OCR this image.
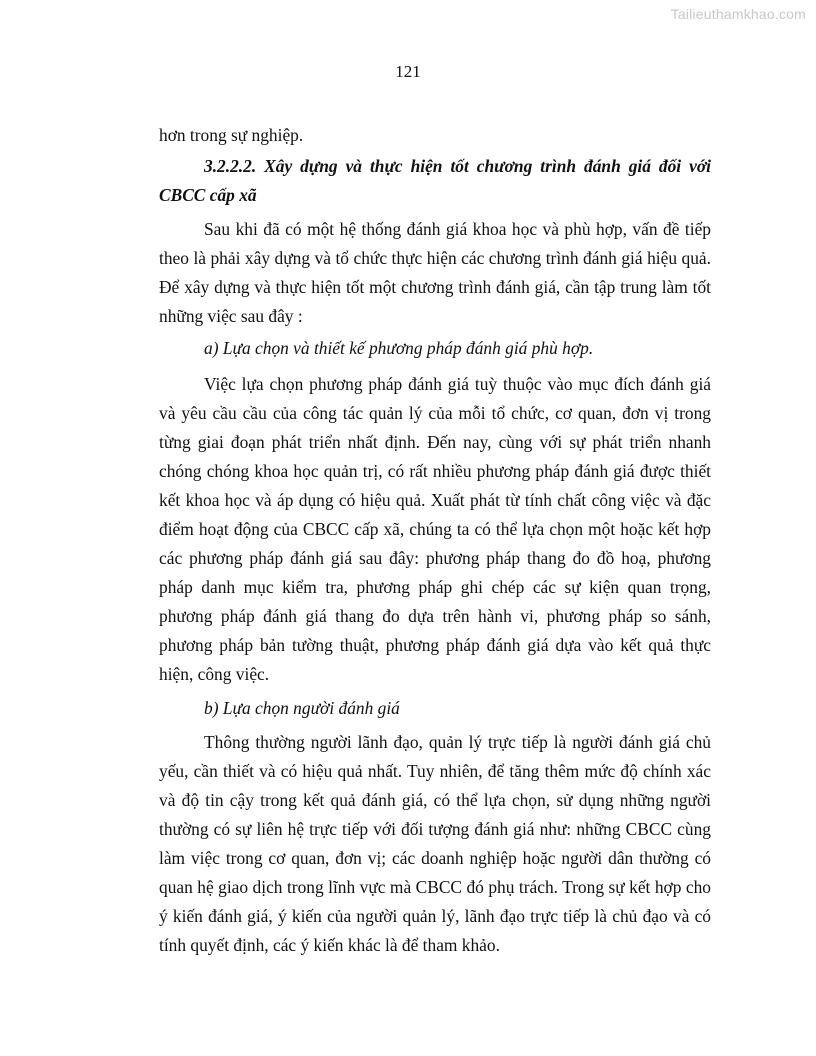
Tailieuthamkhao.com
121
hơn trong sự nghiệp.
3.2.2.2. Xây dựng và thực hiện tốt chương trình đánh giá đối với
CBCC cấp xã
Sau khi đã có một hệ thống đánh giá khoa học và phù hợp, vấn đề tiếp
theo là phải xây dựng và tổ chức thực hiện các chương trình đánh giá hiệu quả.
Để xây dựng và thực hiện tốt một chương trình đánh giá, cần tập trung làm tốt
những việc sau đây :
a) Lựa chọn và thiết kế phương pháp đánh giá phù hợp.
Việc lựa chọn phương pháp đánh giá tuỳ thuộc vào mục đích đánh giá
và yêu cầu cầu của công tác quản lý của mỗi tổ chức, cơ quan, đơn vị trong
từng giai đoạn phát triển nhất định. Đến nay, cùng với sự phát triển nhanh
chóng chóng khoa học quản trị, có rất nhiều phương pháp đánh giá được thiết
kết khoa học và áp dụng có hiệu quả. Xuất phát từ tính chất công việc và đặc
điểm hoạt động của CBCC cấp xã, chúng ta có thể lựa chọn một hoặc kết hợp
các phương pháp đánh giá sau đây: phương pháp thang đo đồ hoạ, phương
pháp danh mục kiểm tra, phương pháp ghi chép các sự kiện quan trọng,
phương pháp đánh giá thang đo dựa trên hành vi, phương pháp so sánh,
phương pháp bản tường thuật, phương pháp đánh giá dựa vào kết quả thực
hiện, công việc.
b) Lựa chọn người đánh giá
Thông thường người lãnh đạo, quản lý trực tiếp là người đánh giá chủ
yếu, cần thiết và có hiệu quả nhất. Tuy nhiên, để tăng thêm mức độ chính xác
và độ tin cậy trong kết quả đánh giá, có thể lựa chọn, sử dụng những người
thường có sự liên hệ trực tiếp với đối tượng đánh giá như: những CBCC cùng
làm việc trong cơ quan, đơn vị; các doanh nghiệp hoặc người dân thường có
quan hệ giao dịch trong lĩnh vực mà CBCC đó phụ trách. Trong sự kết hợp cho
ý kiến đánh giá, ý kiến của người quản lý, lãnh đạo trực tiếp là chủ đạo và có
tính quyết định, các ý kiến khác là để tham khảo.
